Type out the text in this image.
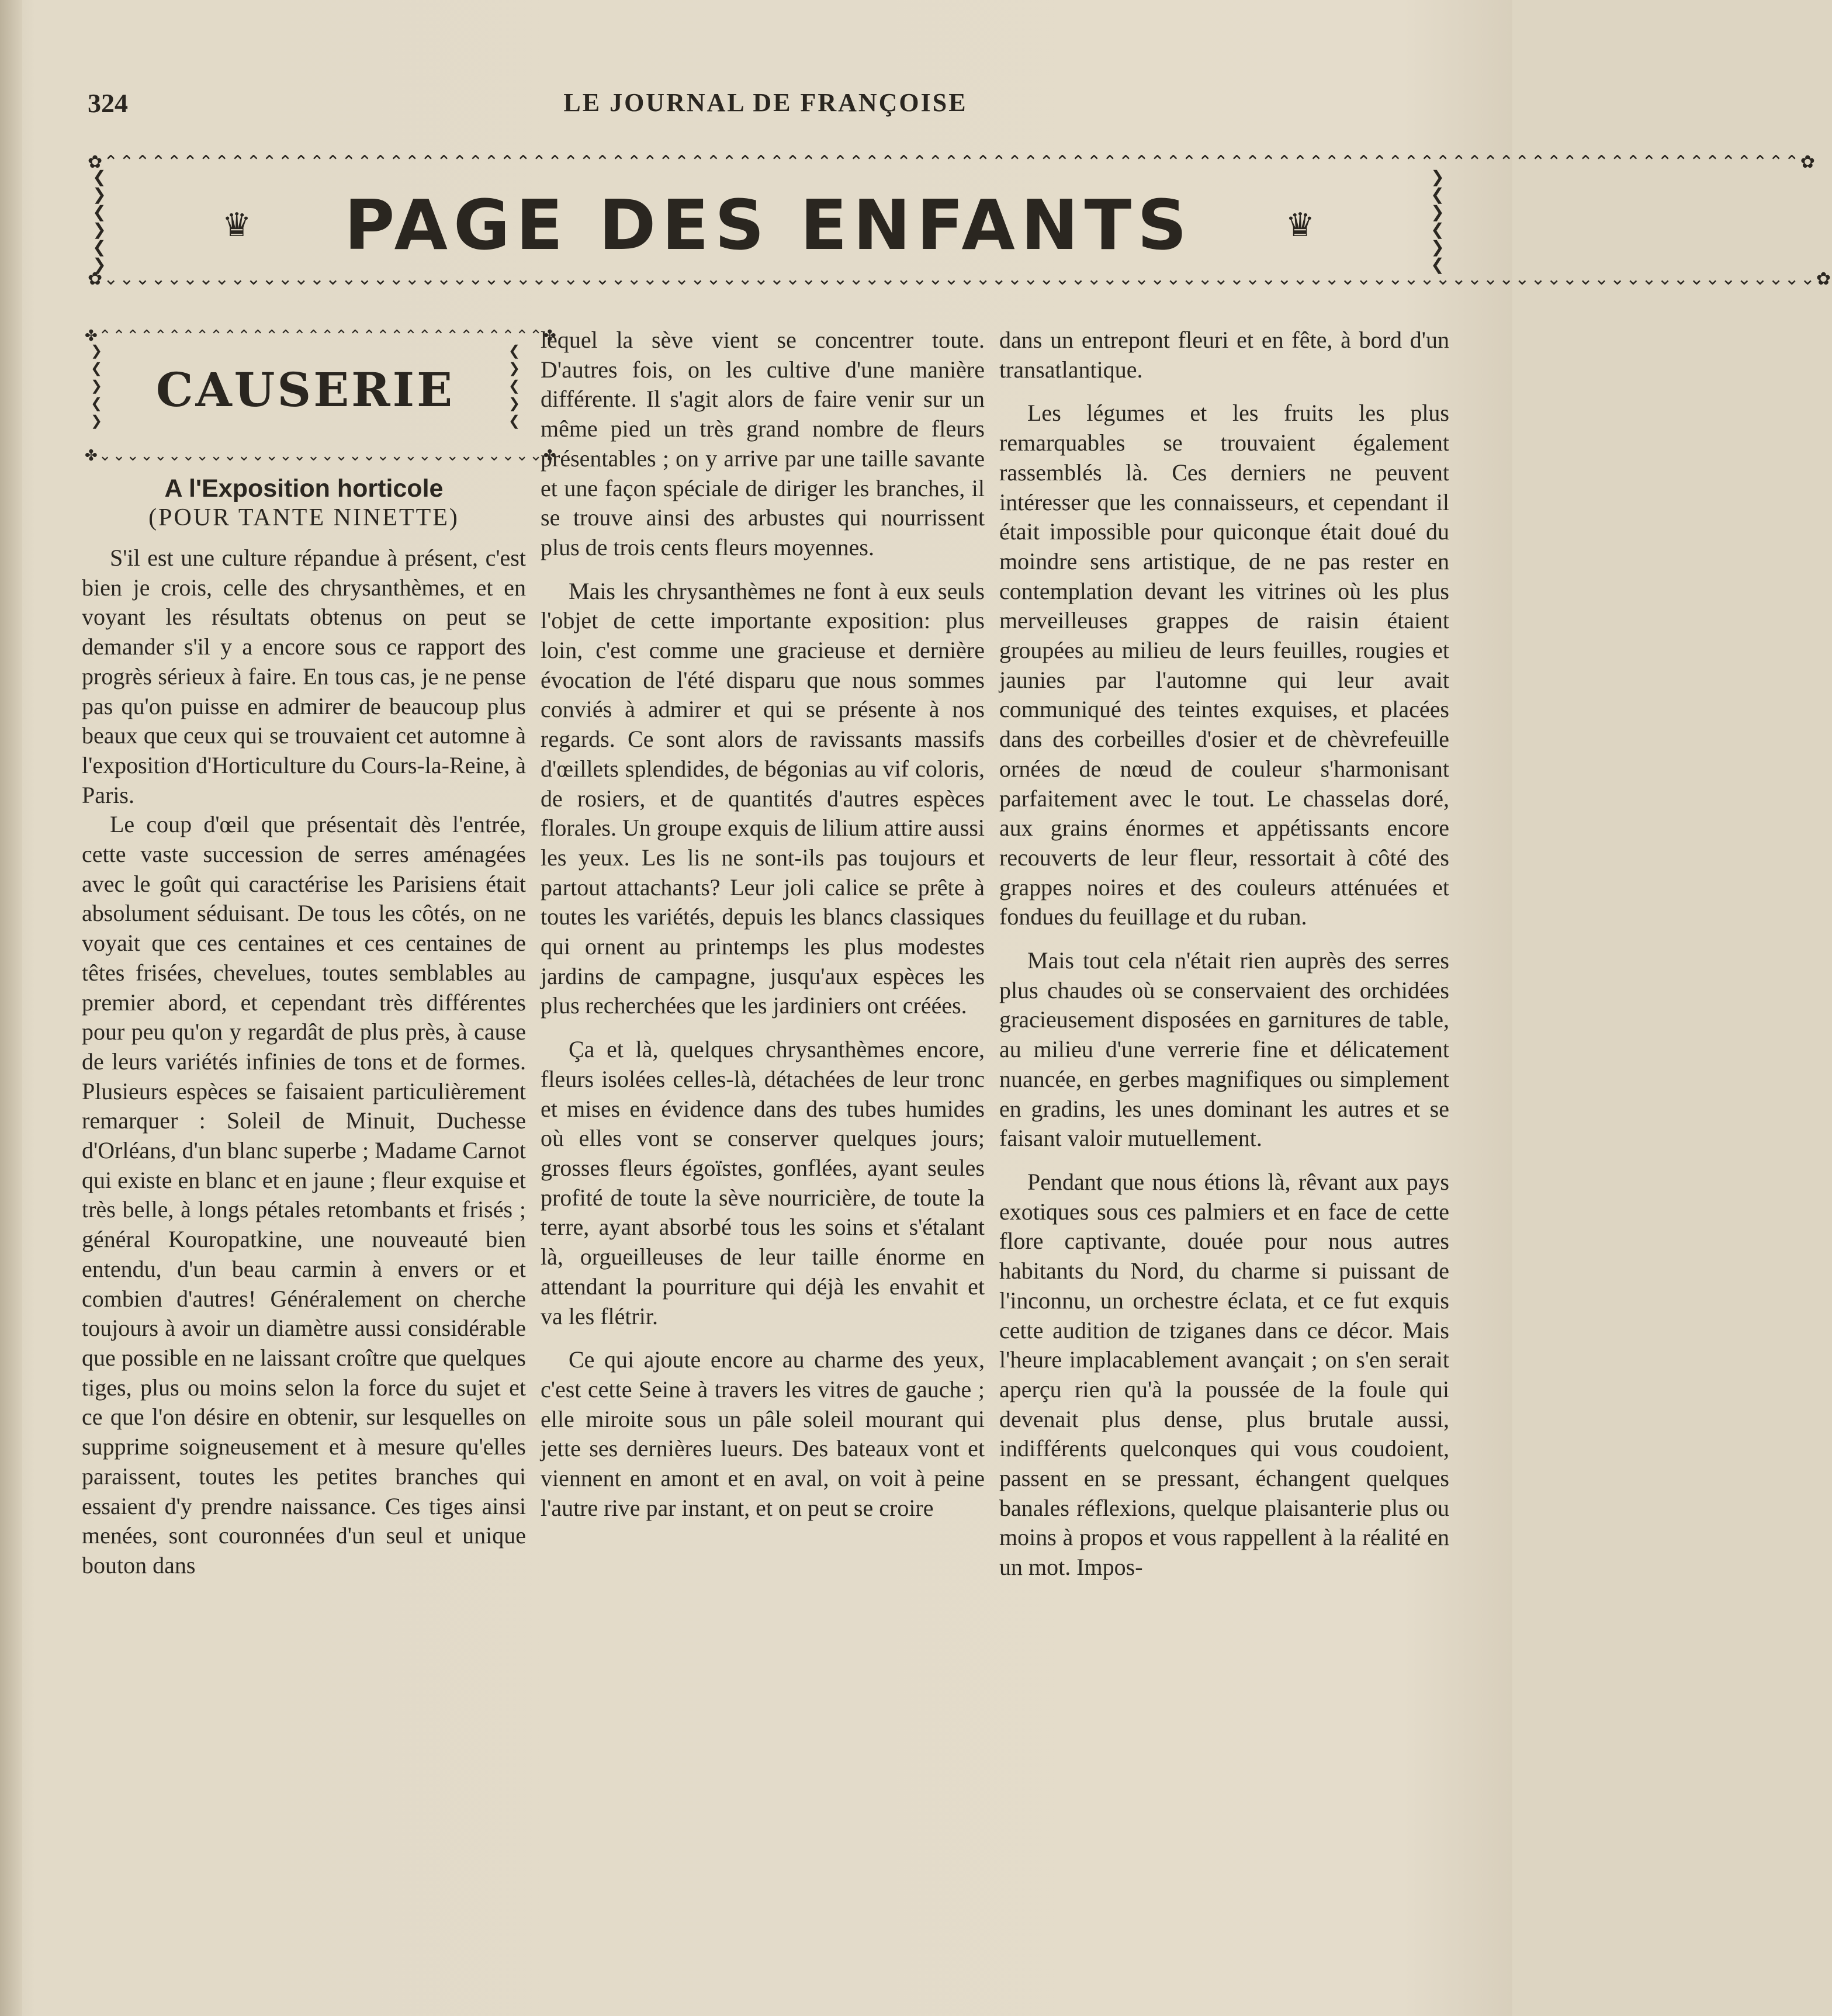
324	LE JOURNAL DE FRANÇOISE
✿⌃⌃⌃⌃⌃⌃⌃⌃⌃⌃⌃⌃⌃⌃⌃⌃⌃⌃⌃⌃⌃⌃⌃⌃⌃⌃⌃⌃⌃⌃⌃⌃⌃⌃⌃⌃⌃⌃⌃⌃⌃⌃⌃⌃⌃⌃⌃⌃⌃⌃⌃⌃⌃⌃⌃⌃⌃⌃⌃⌃⌃⌃⌃⌃⌃⌃⌃⌃⌃⌃⌃⌃⌃⌃⌃⌃⌃⌃⌃⌃⌃⌃⌃⌃⌃⌃⌃⌃⌃⌃⌃⌃⌃⌃⌃⌃⌃⌃⌃⌃⌃⌃⌃⌃⌃⌃⌃✿
✿⌄⌄⌄⌄⌄⌄⌄⌄⌄⌄⌄⌄⌄⌄⌄⌄⌄⌄⌄⌄⌄⌄⌄⌄⌄⌄⌄⌄⌄⌄⌄⌄⌄⌄⌄⌄⌄⌄⌄⌄⌄⌄⌄⌄⌄⌄⌄⌄⌄⌄⌄⌄⌄⌄⌄⌄⌄⌄⌄⌄⌄⌄⌄⌄⌄⌄⌄⌄⌄⌄⌄⌄⌄⌄⌄⌄⌄⌄⌄⌄⌄⌄⌄⌄⌄⌄⌄⌄⌄⌄⌄⌄⌄⌄⌄⌄⌄⌄⌄⌄⌄⌄⌄⌄⌄⌄⌄⌄✿
❮
❯
❮
❯
❮
❯
❯
❮
❯
❮
❯
❮
♛	PAGE DES ENFANTS	♛
✤⌃⌃⌃⌃⌃⌃⌃⌃⌃⌃⌃⌃⌃⌃⌃⌃⌃⌃⌃⌃⌃⌃⌃⌃⌃⌃⌃⌃⌃⌃⌃⌃✤
✤⌄⌄⌄⌄⌄⌄⌄⌄⌄⌄⌄⌄⌄⌄⌄⌄⌄⌄⌄⌄⌄⌄⌄⌄⌄⌄⌄⌄⌄⌄⌄⌄✤
❯
❮
❯
❮
❯
❮
❯
❮
❯
❮
CAUSERIE
A l'Exposition horticole
(POUR TANTE NINETTE)

S'il est une culture répandue à présent, c'est bien je crois, celle des chrysanthèmes, et en voyant les résultats obtenus on peut se demander s'il y a encore sous ce rapport des progrès sérieux à faire. En tous cas, je ne pense pas qu'on puisse en admirer de beaucoup plus beaux que ceux qui se trouvaient cet automne à l'exposition d'Horticulture du Cours-la-Reine, à Paris.

Le coup d'œil que présentait dès l'entrée, cette vaste succession de serres aménagées avec le goût qui caractérise les Parisiens était absolument séduisant. De tous les côtés, on ne voyait que ces centaines et ces centaines de têtes frisées, chevelues, toutes semblables au premier abord, et cependant très différentes pour peu qu'on y regardât de plus près, à cause de leurs variétés infinies de tons et de formes. Plusieurs espèces se faisaient particulièrement remarquer : Soleil de Minuit, Duchesse d'Orléans, d'un blanc superbe ; Madame Carnot qui existe en blanc et en jaune ; fleur exquise et très belle, à longs pétales retombants et frisés ; général Kouropatkine, une nouveauté bien entendu, d'un beau carmin à envers or et combien d'autres! Généralement on cherche toujours à avoir un diamètre aussi considérable que possible en ne laissant croître que quelques tiges, plus ou moins selon la force du sujet et ce que l'on désire en obtenir, sur lesquelles on supprime soigneusement et à mesure qu'elles paraissent, toutes les petites branches qui essaient d'y prendre naissance. Ces tiges ainsi menées, sont couronnées d'un seul et unique bouton dans

lequel la sève vient se concentrer toute. D'autres fois, on les cultive d'une manière différente. Il s'agit alors de faire venir sur un même pied un très grand nombre de fleurs présentables ; on y arrive par une taille savante et une façon spéciale de diriger les branches, il se trouve ainsi des arbustes qui nourrissent plus de trois cents fleurs moyennes.

Mais les chrysanthèmes ne font à eux seuls l'objet de cette importante exposition: plus loin, c'est comme une gracieuse et dernière évocation de l'été disparu que nous sommes conviés à admirer et qui se présente à nos regards. Ce sont alors de ravissants massifs d'œillets splendides, de bégonias au vif coloris, de rosiers, et de quantités d'autres espèces florales. Un groupe exquis de lilium attire aussi les yeux. Les lis ne sont-ils pas toujours et partout attachants? Leur joli calice se prête à toutes les variétés, depuis les blancs classiques qui ornent au printemps les plus modestes jardins de campagne, jusqu'aux espèces les plus recherchées que les jardiniers ont créées.

Ça et là, quelques chrysanthèmes encore, fleurs isolées celles-là, détachées de leur tronc et mises en évidence dans des tubes humides où elles vont se conserver quelques jours; grosses fleurs égoïstes, gonflées, ayant seules profité de toute la sève nourricière, de toute la terre, ayant absorbé tous les soins et s'étalant là, orgueilleuses de leur taille énorme en attendant la pourriture qui déjà les envahit et va les flétrir.

Ce qui ajoute encore au charme des yeux, c'est cette Seine à travers les vitres de gauche ; elle miroite sous un pâle soleil mourant qui jette ses dernières lueurs. Des bateaux vont et viennent en amont et en aval, on voit à peine l'autre rive par instant, et on peut se croire

dans un entrepont fleuri et en fête, à bord d'un transatlantique.

Les légumes et les fruits les plus remarquables se trouvaient également rassemblés là. Ces derniers ne peuvent intéresser que les connaisseurs, et cependant il était impossible pour quiconque était doué du moindre sens artistique, de ne pas rester en contemplation devant les vitrines où les plus merveilleuses grappes de raisin étaient groupées au milieu de leurs feuilles, rougies et jaunies par l'automne qui leur avait communiqué des teintes exquises, et placées dans des corbeilles d'osier et de chèvrefeuille ornées de nœud de couleur s'harmonisant parfaitement avec le tout. Le chasselas doré, aux grains énormes et appétissants encore recouverts de leur fleur, ressortait à côté des grappes noires et des couleurs atténuées et fondues du feuillage et du ruban.

Mais tout cela n'était rien auprès des serres plus chaudes où se conservaient des orchidées gracieusement disposées en garnitures de table, au milieu d'une verrerie fine et délicatement nuancée, en gerbes magnifiques ou simplement en gradins, les unes dominant les autres et se faisant valoir mutuellement.

Pendant que nous étions là, rêvant aux pays exotiques sous ces palmiers et en face de cette flore captivante, douée pour nous autres habitants du Nord, du charme si puissant de l'inconnu, un orchestre éclata, et ce fut exquis cette audition de tziganes dans ce décor. Mais l'heure implacablement avançait ; on s'en serait aperçu rien qu'à la poussée de la foule qui devenait plus dense, plus brutale aussi, indifférents quelconques qui vous coudoient, passent en se pressant, échangent quelques banales réflexions, quelque plaisanterie plus ou moins à propos et vous rappellent à la réalité en un mot. Impos-
